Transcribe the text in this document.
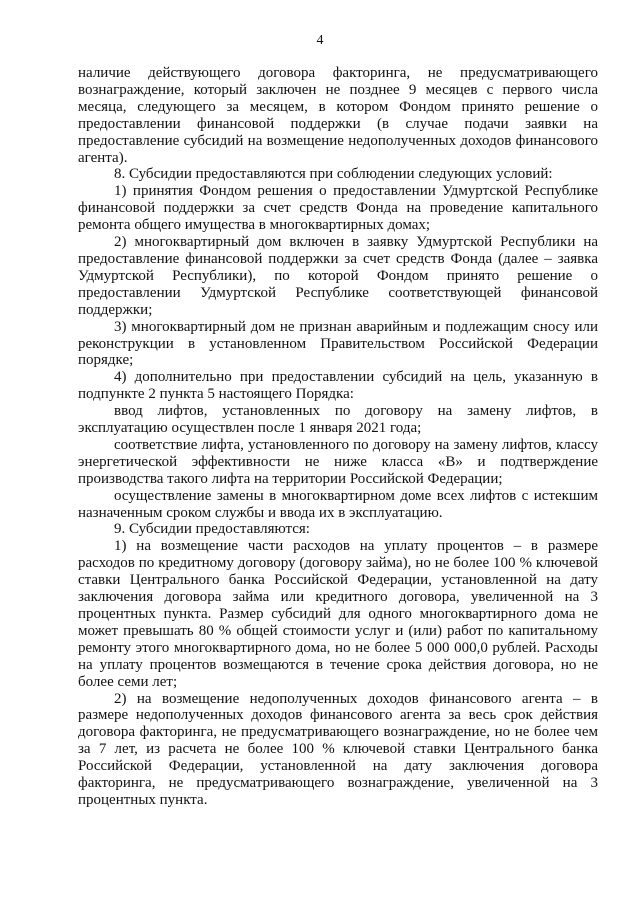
4

наличие действующего договора факторинга, не предусматривающего вознаграждение, который заключен не позднее 9 месяцев с первого числа месяца, следующего за месяцем, в котором Фондом принято решение о предоставлении финансовой поддержки (в случае подачи заявки на предоставление субсидий на возмещение недополученных доходов финансового агента).

8. Субсидии предоставляются при соблюдении следующих условий:

1) принятия Фондом решения о предоставлении Удмуртской Республике финансовой поддержки за счет средств Фонда на проведение капитального ремонта общего имущества в многоквартирных домах;

2) многоквартирный дом включен в заявку Удмуртской Республики на предоставление финансовой поддержки за счет средств Фонда (далее – заявка Удмуртской Республики), по которой Фондом принято решение о предоставлении Удмуртской Республике соответствующей финансовой поддержки;

3) многоквартирный дом не признан аварийным и подлежащим сносу или реконструкции в установленном Правительством Российской Федерации порядке;

4) дополнительно при предоставлении субсидий на цель, указанную в подпункте 2 пункта 5 настоящего Порядка:

ввод лифтов, установленных по договору на замену лифтов, в эксплуатацию осуществлен после 1 января 2021 года;

соответствие лифта, установленного по договору на замену лифтов, классу энергетической эффективности не ниже класса «В» и подтверждение производства такого лифта на территории Российской Федерации;

осуществление замены в многоквартирном доме всех лифтов с истекшим назначенным сроком службы и ввода их в эксплуатацию.

9. Субсидии предоставляются:

1) на возмещение части расходов на уплату процентов – в размере расходов по кредитному договору (договору займа), но не более 100 % ключевой ставки Центрального банка Российской Федерации, установленной на дату заключения договора займа или кредитного договора, увеличенной на 3 процентных пункта. Размер субсидий для одного многоквартирного дома не может превышать 80 % общей стоимости услуг и (или) работ по капитальному ремонту этого многоквартирного дома, но не более 5 000 000,0 рублей. Расходы на уплату процентов возмещаются в течение срока действия договора, но не более семи лет;

2) на возмещение недополученных доходов финансового агента – в размере недополученных доходов финансового агента за весь срок действия договора факторинга, не предусматривающего вознаграждение, но не более чем за 7 лет, из расчета не более 100 % ключевой ставки Центрального банка Российской Федерации, установленной на дату заключения договора факторинга, не предусматривающего вознаграждение, увеличенной на 3 процентных пункта.
